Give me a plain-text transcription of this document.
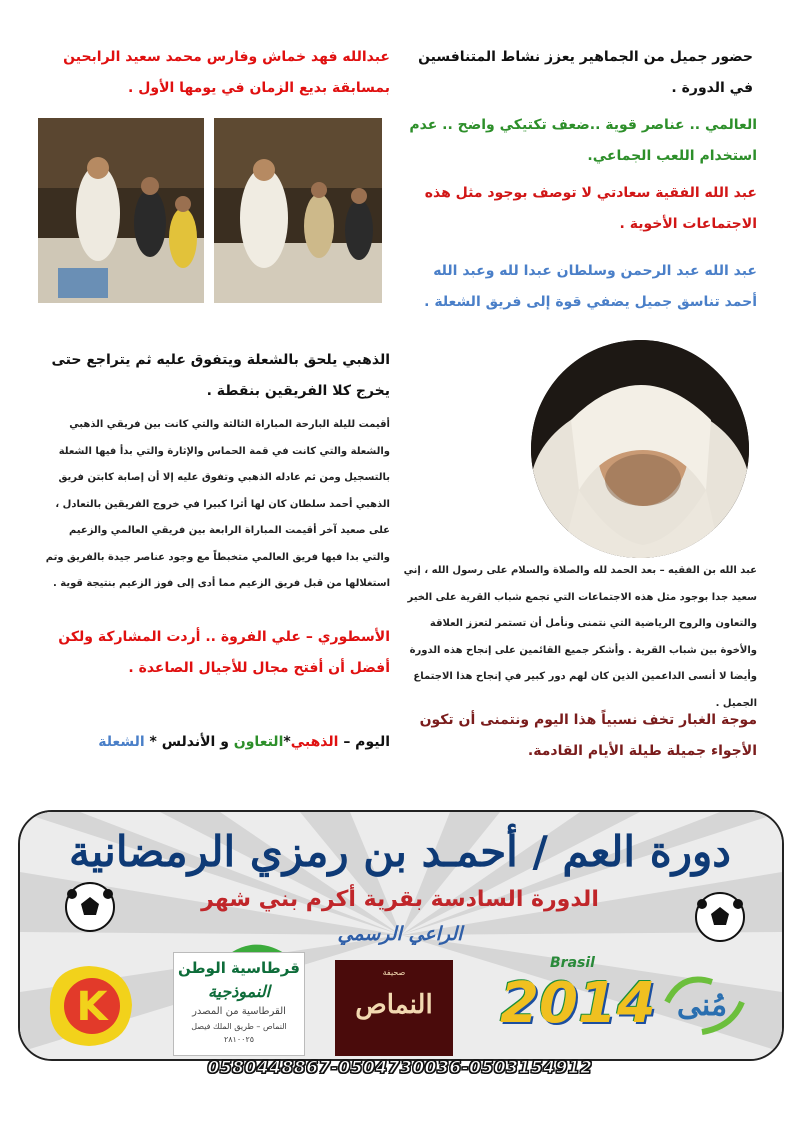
حضور جميل من الجماهير يعزز نشاط المتنافسين في الدورة .

العالمي .. عناصر قوية ..ضعف تكتيكي واضح .. عدم استخدام اللعب الجماعي.

عبد الله الفقية سعادتي لا توصف بوجود مثل هذه الاجتماعات الأخوية .

عبد الله عبد الرحمن وسلطان عبدا لله وعبد الله أحمد تناسق جميل يضفي قوة إلى فريق الشعلة .

عبد الله بن الفقيه – بعد الحمد لله والصلاة والسلام على رسول الله ، إني سعيد جدا بوجود مثل هذه الاجتماعات التي تجمع شباب القرية على الخير والتعاون والروح الرياضية التي نتمنى ونأمل أن تستمر لتعزز العلاقة والأخوة بين شباب القرية . وأشكر جميع القائمين على إنجاح هذه الدورة وأيضا لا أنسى الداعمين الذين كان لهم دور كبير في إنجاح هذا الاجتماع الجميل .

موجة الغبار تخف نسبياً هذا اليوم ونتمنى أن تكون الأجواء جميلة طيلة الأيام القادمة.

عبدالله فهد خماش وفارس محمد سعيد الرابحين بمسابقة بديع الزمان في يومها الأول .

الذهبي يلحق بالشعلة ويتفوق عليه ثم يتراجع حتى يخرج كلا الفريقين بنقطة .

أقيمت لليلة البارحة المباراة الثالثة والتي كانت بين فريقي الذهبي والشعلة والتي كانت في قمة الحماس والإثارة والتي بدأ فيها الشعلة بالتسجيل ومن ثم عادله الذهبي وتفوق عليه إلا أن إصابة كابتن فريق الذهبي أحمد سلطان كان لها أثرا كبيرا في خروج الفريقين بالتعادل ، على صعيد آخر أقيمت المباراة الرابعة بين فريقي العالمي والزعيم والتي بدا فيها فريق العالمي متخبطاً مع وجود عناصر جيدة بالفريق وتم استغلالها من قبل فريق الزعيم مما أدى إلى فوز الزعيم بنتيجة قوية .

الأسطوري – علي الفروة .. أردت المشاركة ولكن أفضل أن أفتح مجال للأجيال الصاعدة .

اليوم – الذهبي*التعاون و الأندلس * الشعلة
دورة العم / أحمـد بن رمزي الرمضانية
الدورة السادسة بقرية أكرم بني شهر
الراعي الرسمي
K
قرطاسية الوطن
النموذجية
القرطاسية من المصدر
النماص – طريق الملك فيصل
٢٨١٠٠٢٥
صحيفة
النماص
Brasil
2014 مُنى
0580448867-0504730036-0503154912
